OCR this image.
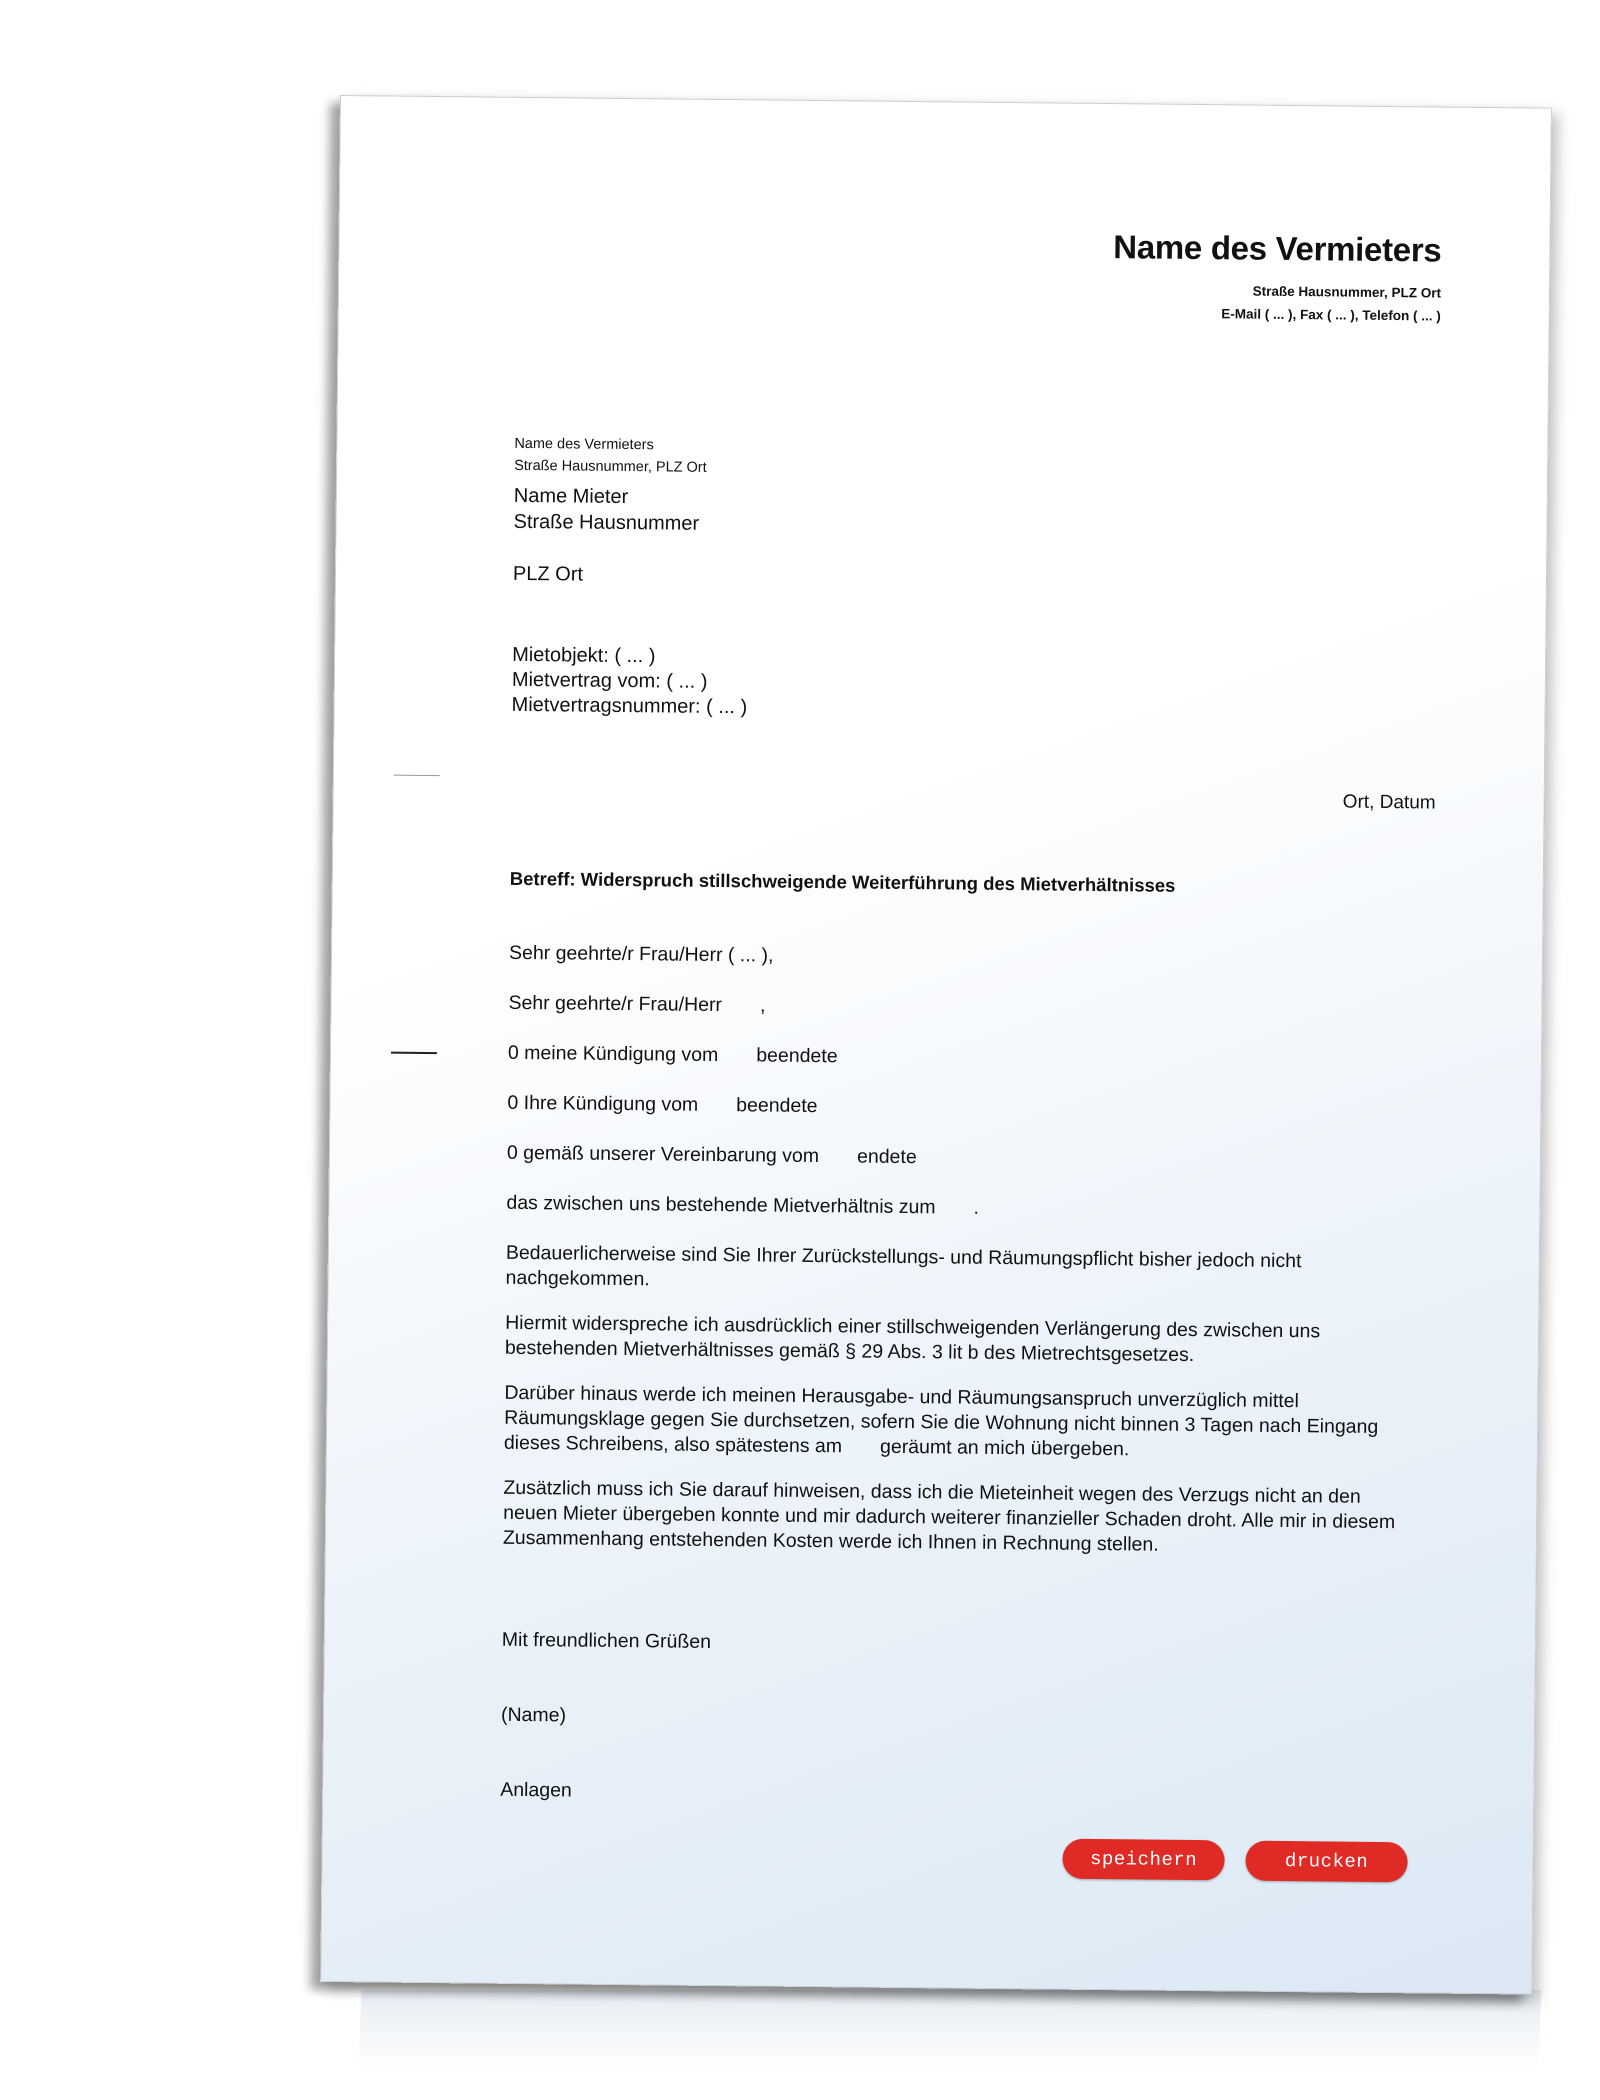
Name des Vermieters
Straße Hausnummer, PLZ Ort
E-Mail ( ... ), Fax ( ... ), Telefon ( ... )
Name des Vermieters
Straße Hausnummer, PLZ Ort
Name Mieter
Straße Hausnummer
PLZ Ort
Mietobjekt: ( ... )
Mietvertrag vom: ( ... )
Mietvertragsnummer: ( ... )
Ort, Datum
Betreff: Widerspruch stillschweigende Weiterführung des Mietverhältnisses
Sehr geehrte/r Frau/Herr ( ... ),
Sehr geehrte/r Frau/Herr ,
0 meine Kündigung vom beendete
0 Ihre Kündigung vom beendete
0 gemäß unserer Vereinbarung vom endete
das zwischen uns bestehende Mietverhältnis zum .
Bedauerlicherweise sind Sie Ihrer Zurückstellungs- und Räumungspflicht bisher jedoch nicht nachgekommen.
Hiermit widerspreche ich ausdrücklich einer stillschweigenden Verlängerung des zwischen uns bestehenden Mietverhältnisses gemäß § 29 Abs. 3 lit b des Mietrechtsgesetzes.
Darüber hinaus werde ich meinen Herausgabe- und Räumungsanspruch unverzüglich mittel Räumungsklage gegen Sie durchsetzen, sofern Sie die Wohnung nicht binnen 3 Tagen nach Eingang dieses Schreibens, also spätestens am geräumt an mich übergeben.
Zusätzlich muss ich Sie darauf hinweisen, dass ich die Mieteinheit wegen des Verzugs nicht an den neuen Mieter übergeben konnte und mir dadurch weiterer finanzieller Schaden droht. Alle mir in diesem Zusammenhang entstehenden Kosten werde ich Ihnen in Rechnung stellen.
Mit freundlichen Grüßen
(Name)
Anlagen
speichern	drucken
